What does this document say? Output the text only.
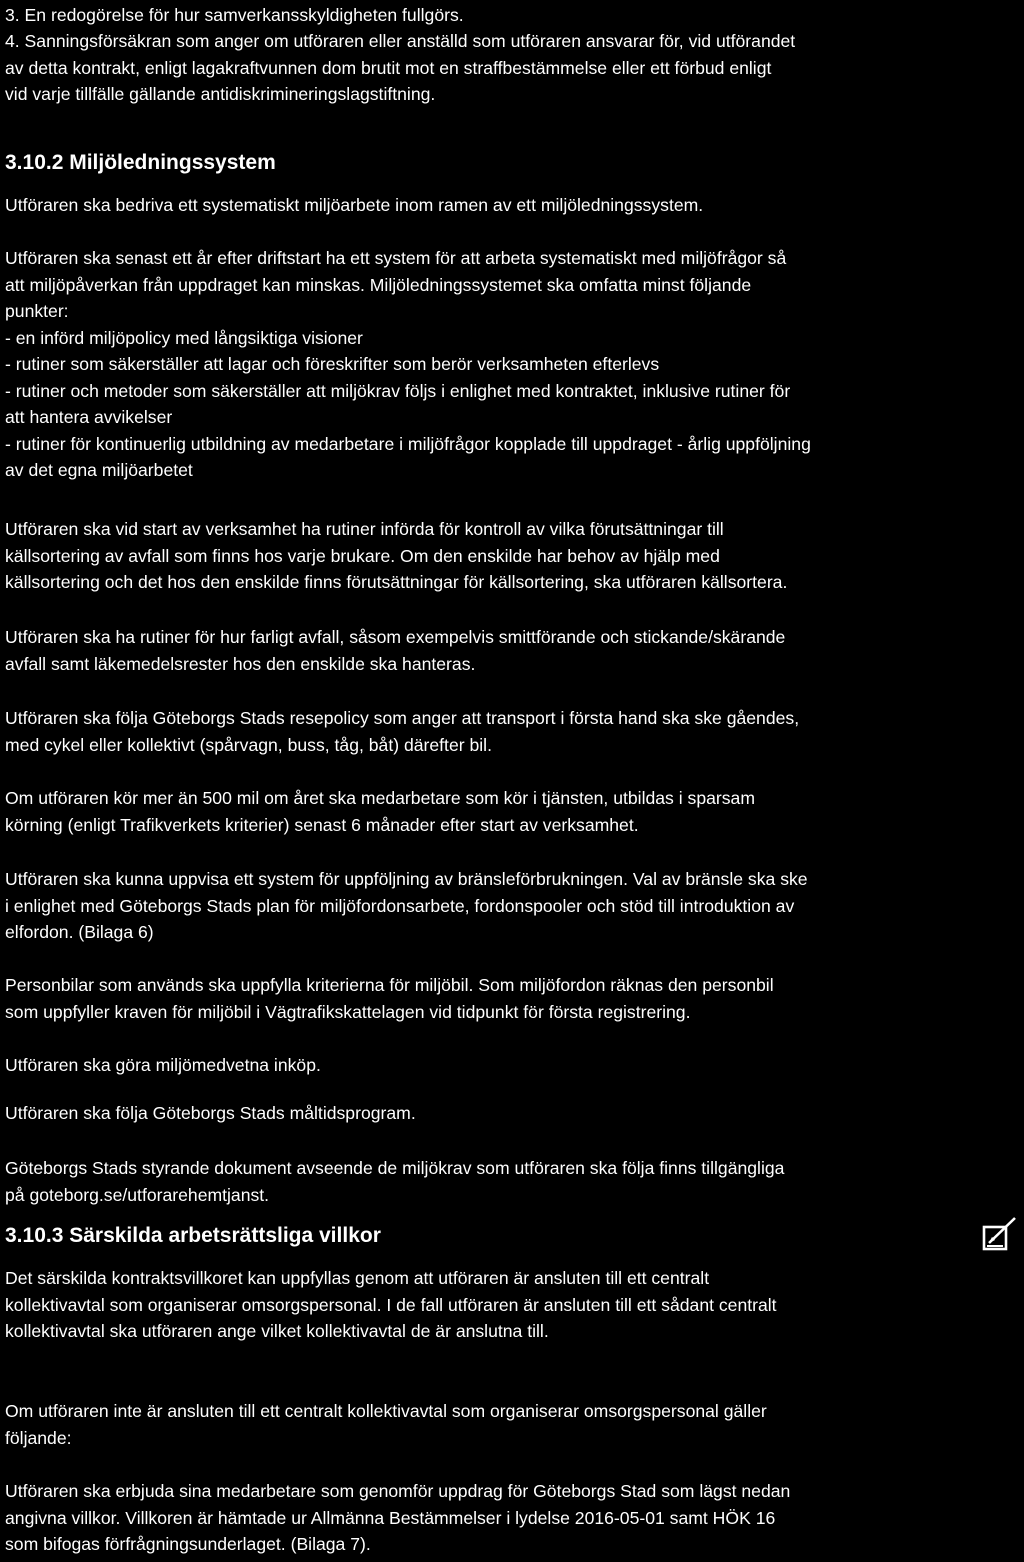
3. En redogörelse för hur samverkansskyldigheten fullgörs.

4. Sanningsförsäkran som anger om utföraren eller anställd som utföraren ansvarar för, vid utförandet
av detta kontrakt, enligt lagakraftvunnen dom brutit mot en straffbestämmelse eller ett förbud enligt
vid varje tillfälle gällande antidiskrimineringslagstiftning.

3.10.2 Miljöledningssystem

Utföraren ska bedriva ett systematiskt miljöarbete inom ramen av ett miljöledningssystem.

Utföraren ska senast ett år efter driftstart ha ett system för att arbeta systematiskt med miljöfrågor så
att miljöpåverkan från uppdraget kan minskas. Miljöledningssystemet ska omfatta minst följande
punkter:
- en införd miljöpolicy med långsiktiga visioner
- rutiner som säkerställer att lagar och föreskrifter som berör verksamheten efterlevs
- rutiner och metoder som säkerställer att miljökrav följs i enlighet med kontraktet, inklusive rutiner för
att hantera avvikelser
- rutiner för kontinuerlig utbildning av medarbetare i miljöfrågor kopplade till uppdraget - årlig uppföljning
av det egna miljöarbetet

Utföraren ska vid start av verksamhet ha rutiner införda för kontroll av vilka förutsättningar till
källsortering av avfall som finns hos varje brukare. Om den enskilde har behov av hjälp med
källsortering och det hos den enskilde finns förutsättningar för källsortering, ska utföraren källsortera.

Utföraren ska ha rutiner för hur farligt avfall, såsom exempelvis smittförande och stickande/skärande
avfall samt läkemedelsrester hos den enskilde ska hanteras.

Utföraren ska följa Göteborgs Stads resepolicy som anger att transport i första hand ska ske gåendes,
med cykel eller kollektivt (spårvagn, buss, tåg, båt) därefter bil.

Om utföraren kör mer än 500 mil om året ska medarbetare som kör i tjänsten, utbildas i sparsam
körning (enligt Trafikverkets kriterier) senast 6 månader efter start av verksamhet.

Utföraren ska kunna uppvisa ett system för uppföljning av bränsleförbrukningen. Val av bränsle ska ske
i enlighet med Göteborgs Stads plan för miljöfordonsarbete, fordonspooler och stöd till introduktion av
elfordon. (Bilaga 6)

Personbilar som används ska uppfylla kriterierna för miljöbil. Som miljöfordon räknas den personbil
som uppfyller kraven för miljöbil i Vägtrafikskattelagen vid tidpunkt för första registrering.

Utföraren ska göra miljömedvetna inköp.

Utföraren ska följa Göteborgs Stads måltidsprogram.

Göteborgs Stads styrande dokument avseende de miljökrav som utföraren ska följa finns tillgängliga
på goteborg.se/utforarehemtjanst.

3.10.3 Särskilda arbetsrättsliga villkor

Det särskilda kontraktsvillkoret kan uppfyllas genom att utföraren är ansluten till ett centralt
kollektivavtal som organiserar omsorgspersonal. I de fall utföraren är ansluten till ett sådant centralt
kollektivavtal ska utföraren ange vilket kollektivavtal de är anslutna till.

Om utföraren inte är ansluten till ett centralt kollektivavtal som organiserar omsorgspersonal gäller
följande:

Utföraren ska erbjuda sina medarbetare som genomför uppdrag för Göteborgs Stad som lägst nedan
angivna villkor. Villkoren är hämtade ur Allmänna Bestämmelser i lydelse 2016-05-01 samt HÖK 16
som bifogas förfrågningsunderlaget. (Bilaga 7).
